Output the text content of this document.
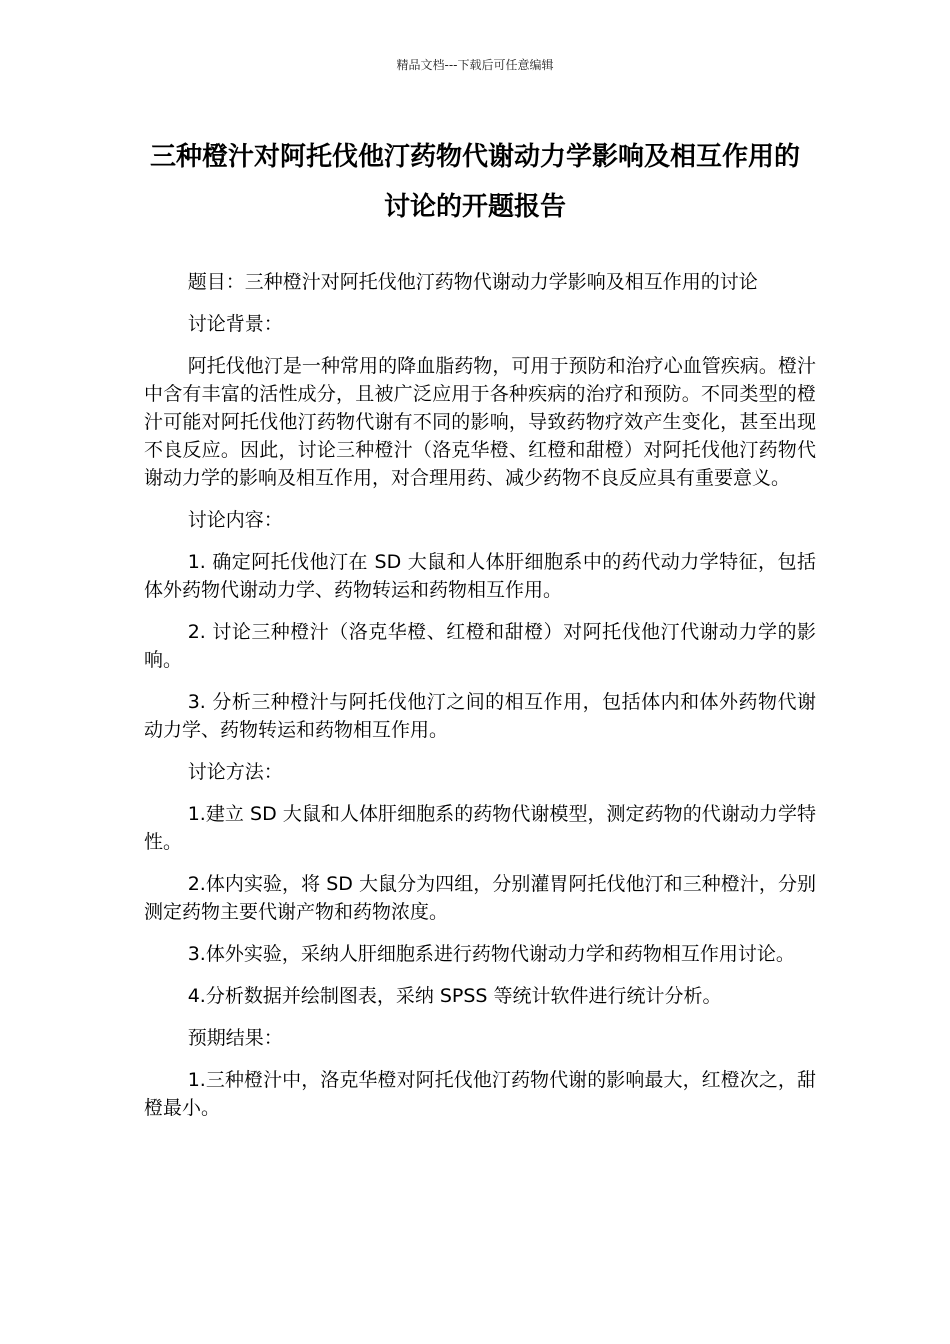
精品文档---下载后可任意编辑
三种橙汁对阿托伐他汀药物代谢动力学影响及相互作用的讨论的开题报告

题目：三种橙汁对阿托伐他汀药物代谢动力学影响及相互作用的讨论

讨论背景：

阿托伐他汀是一种常用的降血脂药物，可用于预防和治疗心血管疾病。橙汁中含有丰富的活性成分，且被广泛应用于各种疾病的治疗和预防。不同类型的橙汁可能对阿托伐他汀药物代谢有不同的影响，导致药物疗效产生变化，甚至出现不良反应。因此，讨论三种橙汁（洛克华橙、红橙和甜橙）对阿托伐他汀药物代谢动力学的影响及相互作用，对合理用药、减少药物不良反应具有重要意义。

讨论内容：

1. 确定阿托伐他汀在 SD 大鼠和人体肝细胞系中的药代动力学特征，包括体外药物代谢动力学、药物转运和药物相互作用。

2. 讨论三种橙汁（洛克华橙、红橙和甜橙）对阿托伐他汀代谢动力学的影响。

3. 分析三种橙汁与阿托伐他汀之间的相互作用，包括体内和体外药物代谢动力学、药物转运和药物相互作用。

讨论方法：

1.建立 SD 大鼠和人体肝细胞系的药物代谢模型，测定药物的代谢动力学特性。

2.体内实验，将 SD 大鼠分为四组，分别灌胃阿托伐他汀和三种橙汁，分别测定药物主要代谢产物和药物浓度。

3.体外实验，采纳人肝细胞系进行药物代谢动力学和药物相互作用讨论。

4.分析数据并绘制图表，采纳 SPSS 等统计软件进行统计分析。

预期结果：

1.三种橙汁中，洛克华橙对阿托伐他汀药物代谢的影响最大，红橙次之，甜橙最小。
